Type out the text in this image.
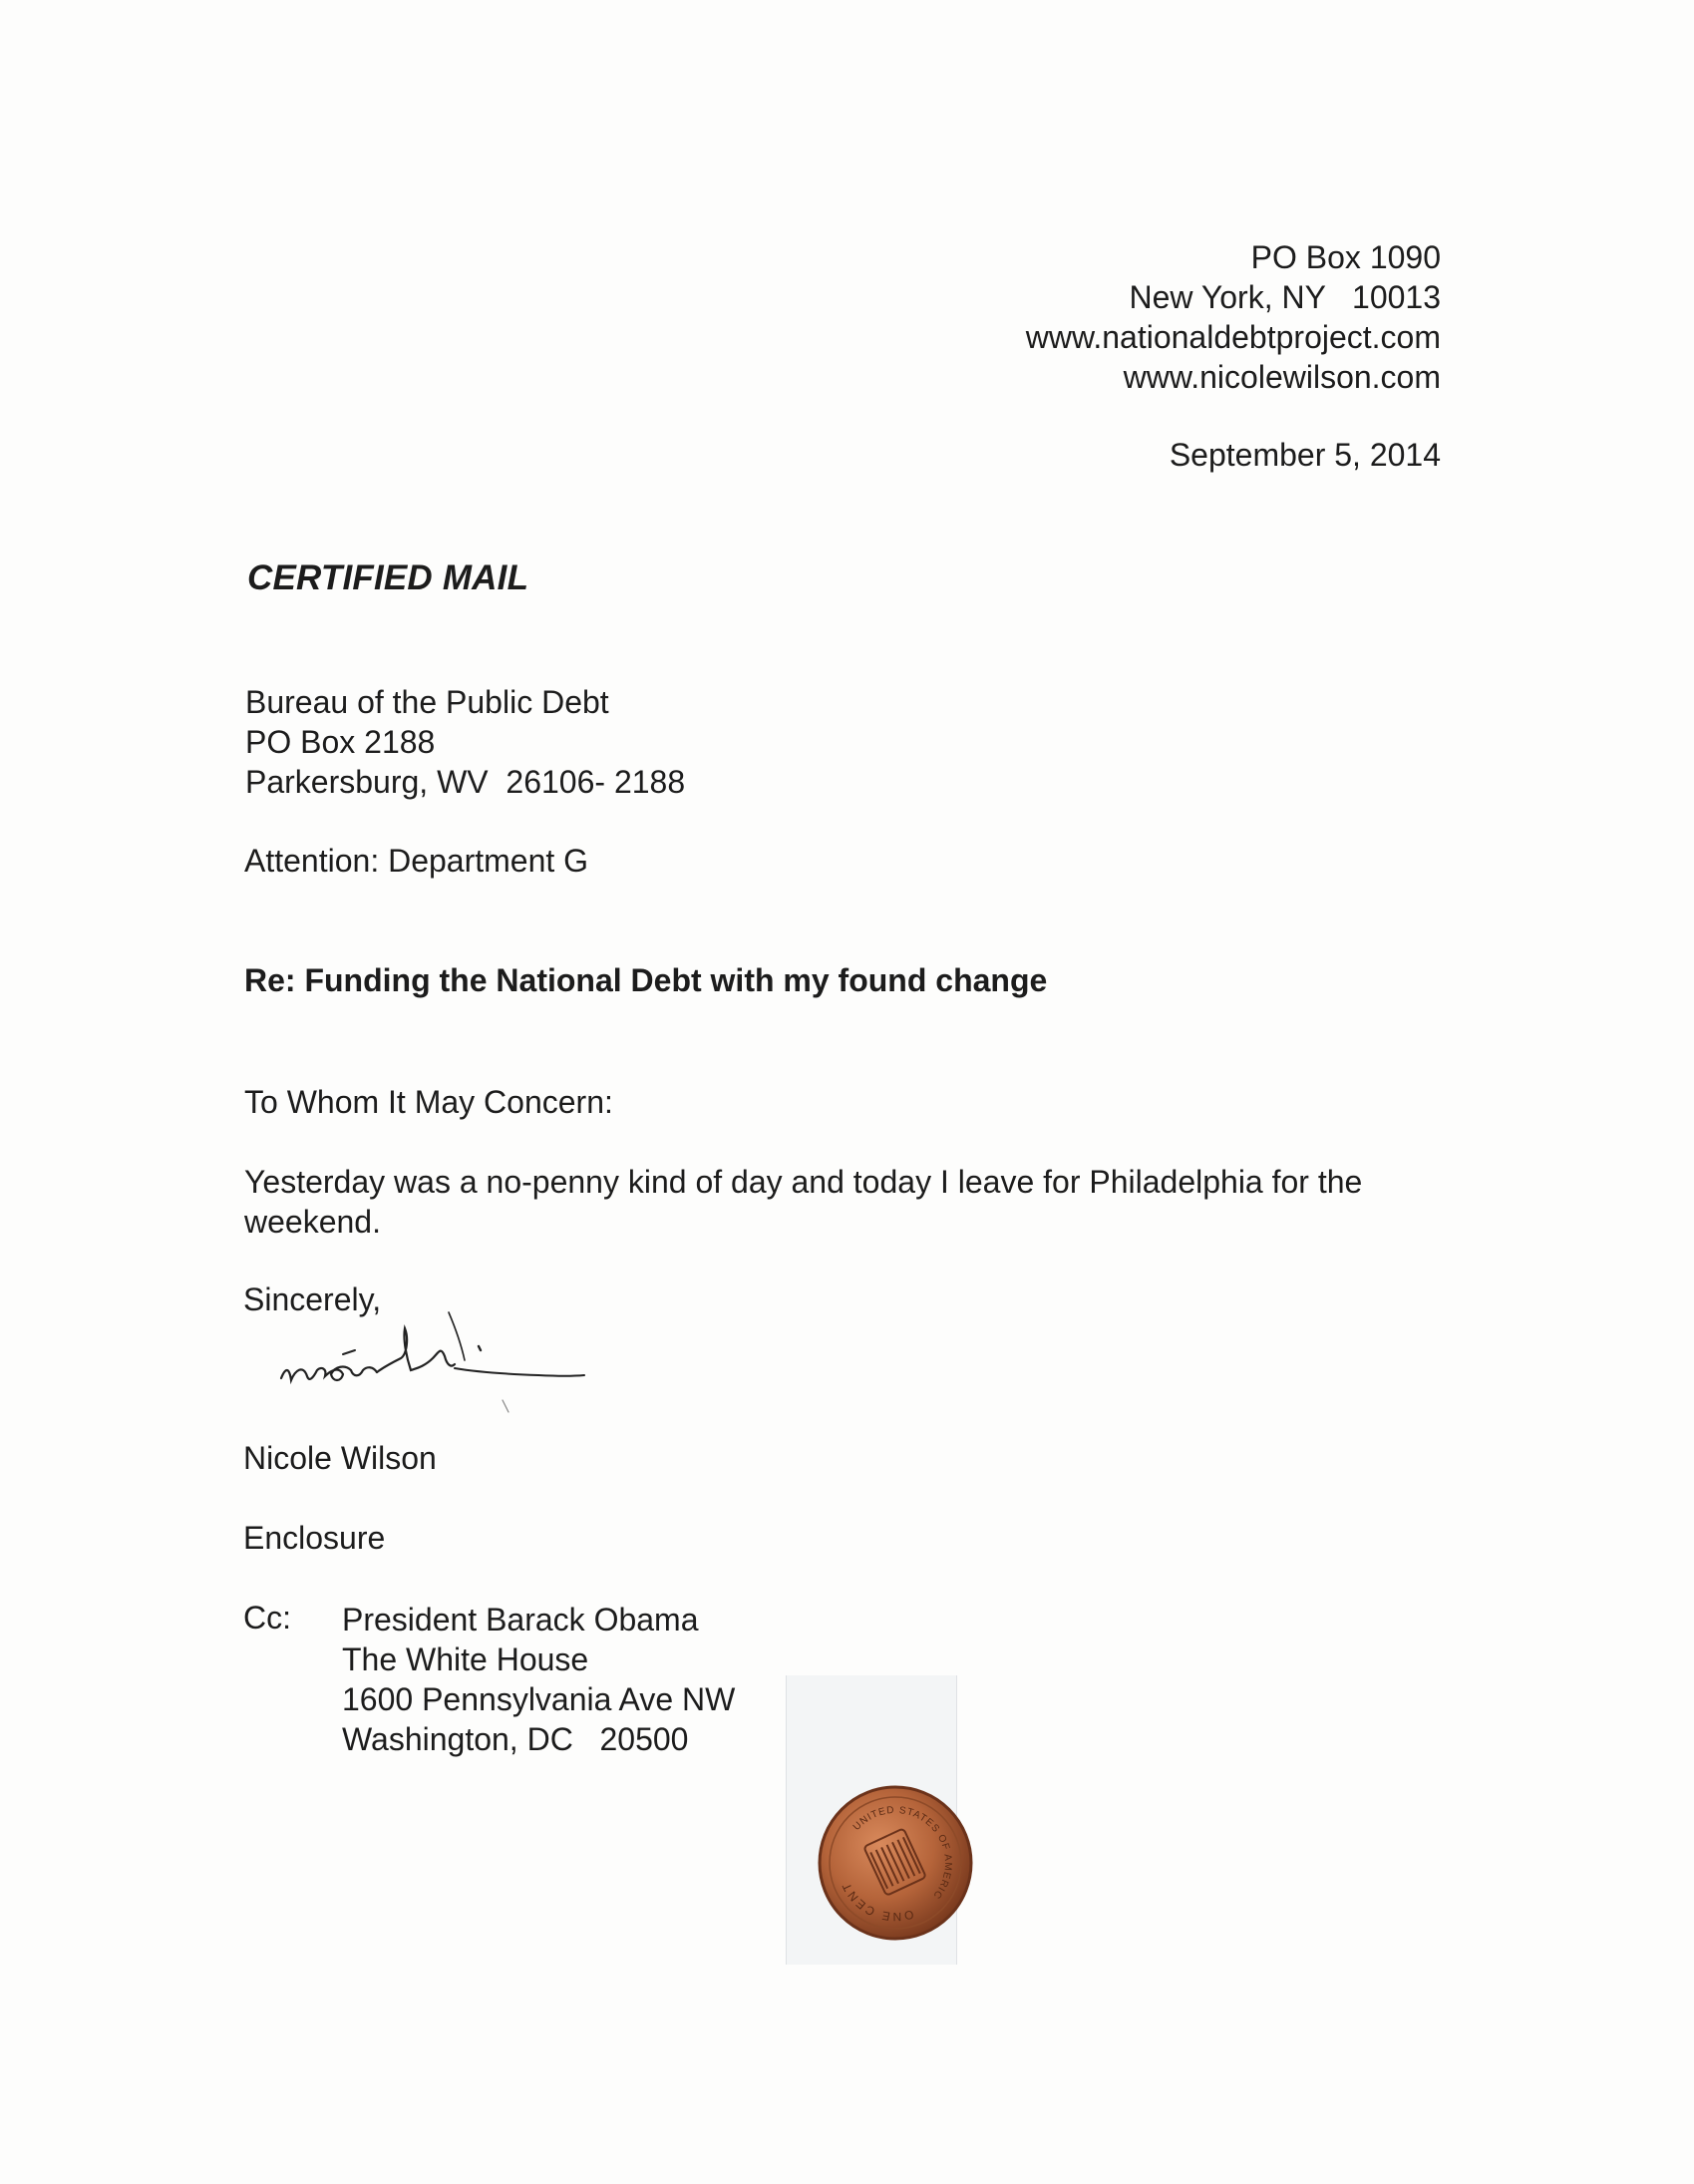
PO Box 1090
New York, NY   10013
www.nationaldebtproject.com
www.nicolewilson.com
September 5, 2014
CERTIFIED MAIL
Bureau of the Public Debt
PO Box 2188
Parkersburg, WV  26106- 2188
Attention: Department G
Re: Funding the National Debt with my found change
To Whom It May Concern:
Yesterday was a no-penny kind of day and today I leave for Philadelphia for the weekend.
Sincerely,
Nicole Wilson
Enclosure
Cc: President Barack Obama
The White House
1600 Pennsylvania Ave NW
Washington, DC   20500
UNITED STATES OF AMERICA
ONE CENT
